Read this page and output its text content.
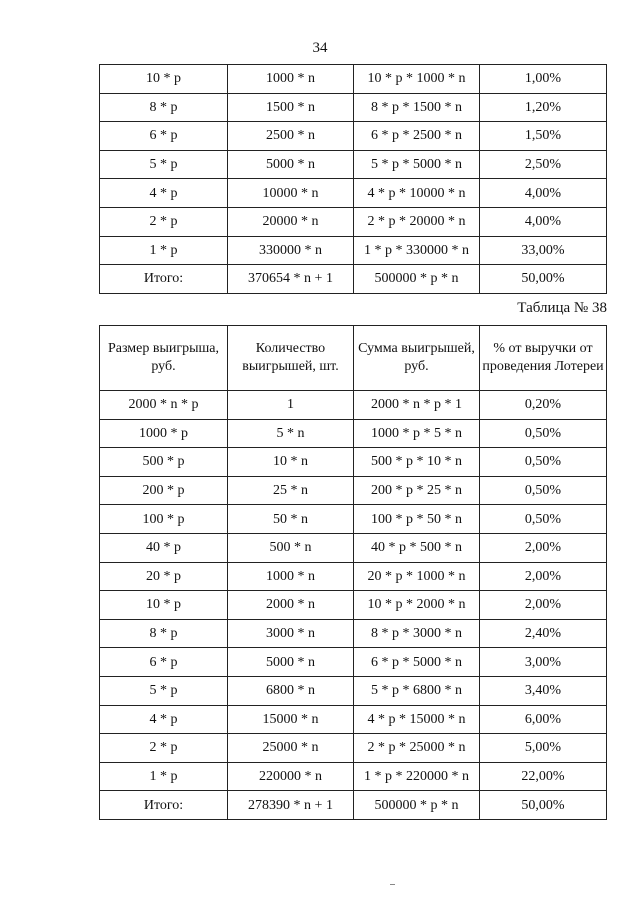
34
10 * p	1000 * n	10 * p * 1000 * n	1,00%
8 * p	1500 * n	8 * p * 1500 * n	1,20%
6 * p	2500 * n	6 * p * 2500 * n	1,50%
5 * p	5000 * n	5 * p * 5000 * n	2,50%
4 * p	10000 * n	4 * p * 10000 * n	4,00%
2 * p	20000 * n	2 * p * 20000 * n	4,00%
1 * p	330000 * n	1 * p * 330000 * n	33,00%
Итого:	370654 * n + 1	500000 * p * n	50,00%
Таблица № 38
Размер выигрыша, руб.	Количество выигрышей, шт.	Сумма выигрышей, руб.	% от выручки от проведения Лотереи
2000 * n * p	1	2000 * n * p * 1	0,20%
1000 * p	5 * n	1000 * p * 5 * n	0,50%
500 * p	10 * n	500 * p * 10 * n	0,50%
200 * p	25 * n	200 * p * 25 * n	0,50%
100 * p	50 * n	100 * p * 50 * n	0,50%
40 * p	500 * n	40 * p * 500 * n	2,00%
20 * p	1000 * n	20 * p * 1000 * n	2,00%
10 * p	2000 * n	10 * p * 2000 * n	2,00%
8 * p	3000 * n	8 * p * 3000 * n	2,40%
6 * p	5000 * n	6 * p * 5000 * n	3,00%
5 * p	6800 * n	5 * p * 6800 * n	3,40%
4 * p	15000 * n	4 * p * 15000 * n	6,00%
2 * p	25000 * n	2 * p * 25000 * n	5,00%
1 * p	220000 * n	1 * p * 220000 * n	22,00%
Итого:	278390 * n + 1	500000 * p * n	50,00%
